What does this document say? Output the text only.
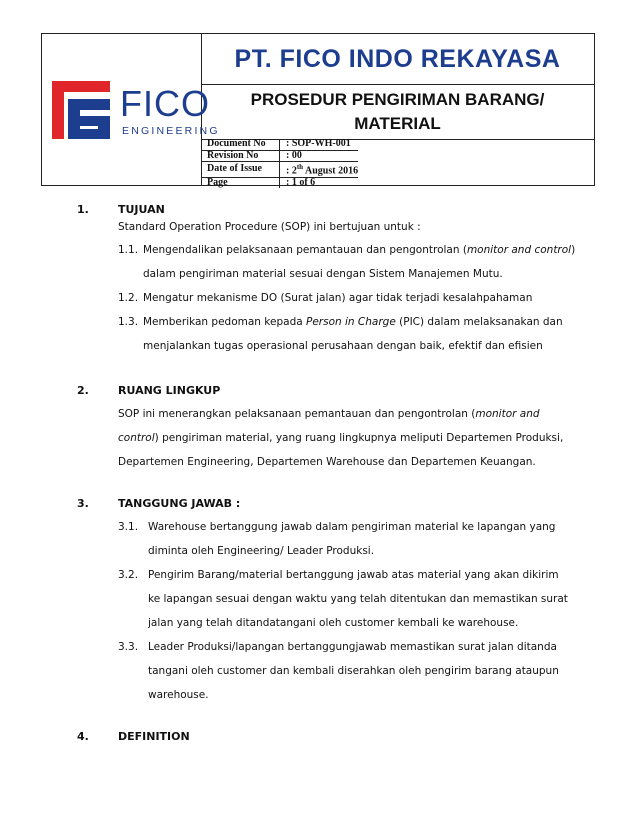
FICO
ENGINEERING
PT. FICO INDO REKAYASA
PROSEDUR PENGIRIMAN BARANG/ MATERIAL
Document No	: SOP-WH-001
Revision No	: 00
Date of Issue	: 2th August 2016
Page	: 1 of 6
1.	TUJUAN
Standard Operation Procedure (SOP) ini bertujuan untuk :
1.1. Mengendalikan pelaksanaan pemantauan dan pengontrolan (monitor and control)
dalam pengiriman material sesuai dengan Sistem Manajemen Mutu.
1.2. Mengatur mekanisme DO (Surat jalan) agar tidak terjadi kesalahpahaman
1.3. Memberikan pedoman kepada Person in Charge (PIC) dalam melaksanakan dan
menjalankan tugas operasional perusahaan dengan baik, efektif dan efisien
2.	RUANG LINGKUP
SOP ini menerangkan pelaksanaan pemantauan dan pengontrolan (monitor and
control) pengiriman material, yang ruang lingkupnya meliputi Departemen Produksi,
Departemen Engineering, Departemen Warehouse dan Departemen Keuangan.
3.	TANGGUNG JAWAB :
3.1. Warehouse bertanggung jawab dalam pengiriman material ke lapangan yang
diminta oleh Engineering/ Leader Produksi.
3.2. Pengirim Barang/material bertanggung jawab atas material yang akan dikirim
ke lapangan sesuai dengan waktu yang telah ditentukan dan memastikan surat
jalan yang telah ditandatangani oleh customer kembali ke warehouse.
3.3. Leader Produksi/lapangan bertanggungjawab memastikan surat jalan ditanda
tangani oleh customer dan kembali diserahkan oleh pengirim barang ataupun
warehouse.
4.	DEFINITION
